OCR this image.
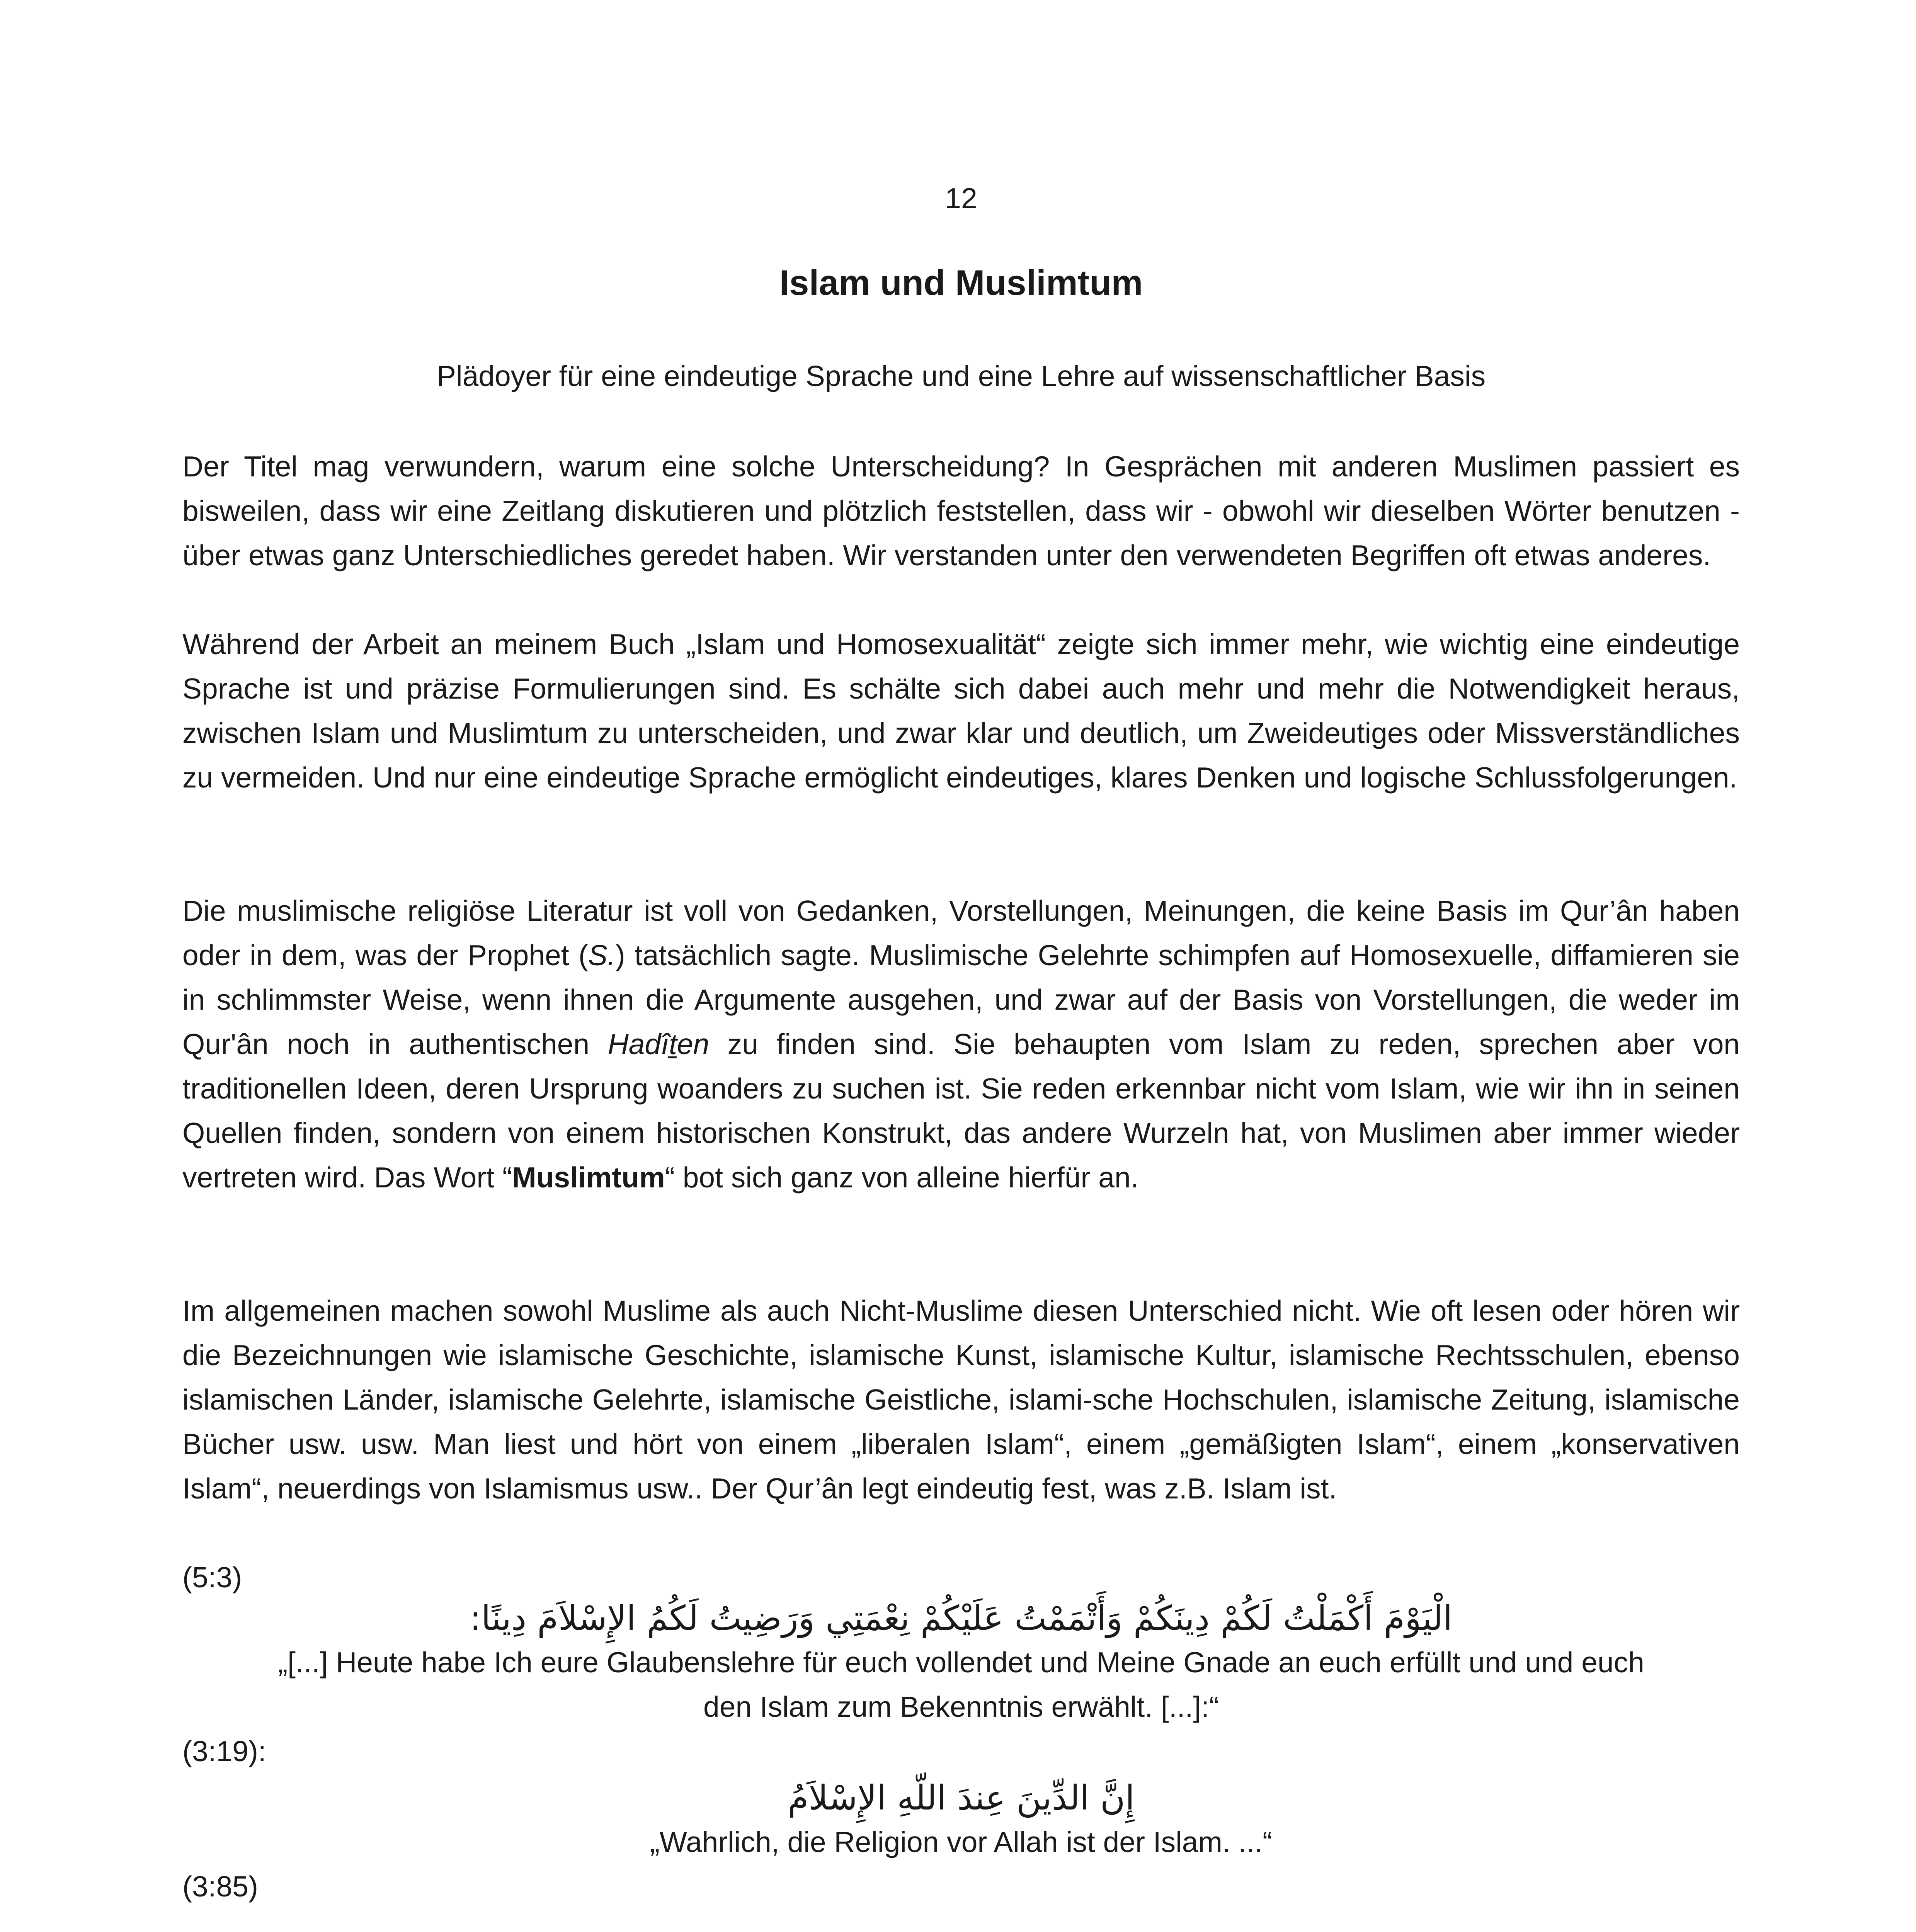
12
Islam und Muslimtum
Plädoyer für eine eindeutige Sprache und eine Lehre auf wissenschaftlicher Basis

Der Titel mag verwundern, warum eine solche Unterscheidung? In Gesprächen mit anderen Muslimen passiert es bisweilen, dass wir eine Zeitlang diskutieren und plötzlich feststellen, dass wir - obwohl wir dieselben Wörter benutzen - über etwas ganz Unterschiedliches geredet haben. Wir verstanden unter den verwendeten Begriffen oft etwas anderes.

Während der Arbeit an meinem Buch „Islam und Homosexualität“ zeigte sich immer mehr, wie wichtig eine eindeutige Sprache ist und präzise Formulierungen sind. Es schälte sich dabei auch mehr und mehr die Notwendigkeit heraus, zwischen Islam und Muslimtum zu unterscheiden, und zwar klar und deutlich, um Zweideutiges oder Missverständliches zu vermeiden. Und nur eine eindeutige Sprache ermöglicht eindeutiges, klares Denken und logische Schlussfolgerungen.

Die muslimische religiöse Literatur ist voll von Gedanken, Vorstellungen, Meinungen, die keine Basis im Qur’ân haben oder in dem, was der Prophet (S.) tatsächlich sagte. Muslimische Gelehrte schimpfen auf Homosexuelle, diffamieren sie in schlimmster Weise, wenn ihnen die Argumente ausgehen, und zwar auf der Basis von Vorstellungen, die weder im Qur'ân noch in authentischen Hadîṯen zu finden sind. Sie behaupten vom Islam zu reden, sprechen aber von traditionellen Ideen, deren Ursprung woanders zu suchen ist. Sie reden erkennbar nicht vom Islam, wie wir ihn in seinen Quellen finden, sondern von einem historischen Konstrukt, das andere Wurzeln hat, von Muslimen aber immer wieder vertreten wird. Das Wort “Muslimtum“ bot sich ganz von alleine hierfür an.

Im allgemeinen machen sowohl Muslime als auch Nicht-Muslime diesen Unterschied nicht. Wie oft lesen oder hören wir die Bezeichnungen wie islamische Geschichte, islamische Kunst, islamische Kultur, islamische Rechtsschulen, ebenso islamischen Länder, islamische Gelehrte, islamische Geistliche, islami-sche Hochschulen, islamische Zeitung, islamische Bücher usw. usw. Man liest und hört von einem „liberalen Islam“, einem „gemäßigten Islam“, einem „konservativen Islam“, neuerdings von Islamismus usw.. Der Qur’ân legt eindeutig fest, was z.B. Islam ist.

(5:3)

الْيَوْمَ أَكْمَلْتُ لَكُمْ دِينَكُمْ وَأَتْمَمْتُ عَلَيْكُمْ نِعْمَتِي وَرَضِيتُ لَكُمُ الإِسْلاَمَ دِينًا:

„[...] Heute habe Ich eure Glaubenslehre für euch vollendet und Meine Gnade an euch erfüllt und und euch

den Islam zum Bekenntnis erwählt. [...]:“

(3:19):

إِنَّ الدِّينَ عِندَ اللّهِ الإِسْلاَمُ

„Wahrlich, die Religion vor Allah ist der Islam. ...“

(3:85)
